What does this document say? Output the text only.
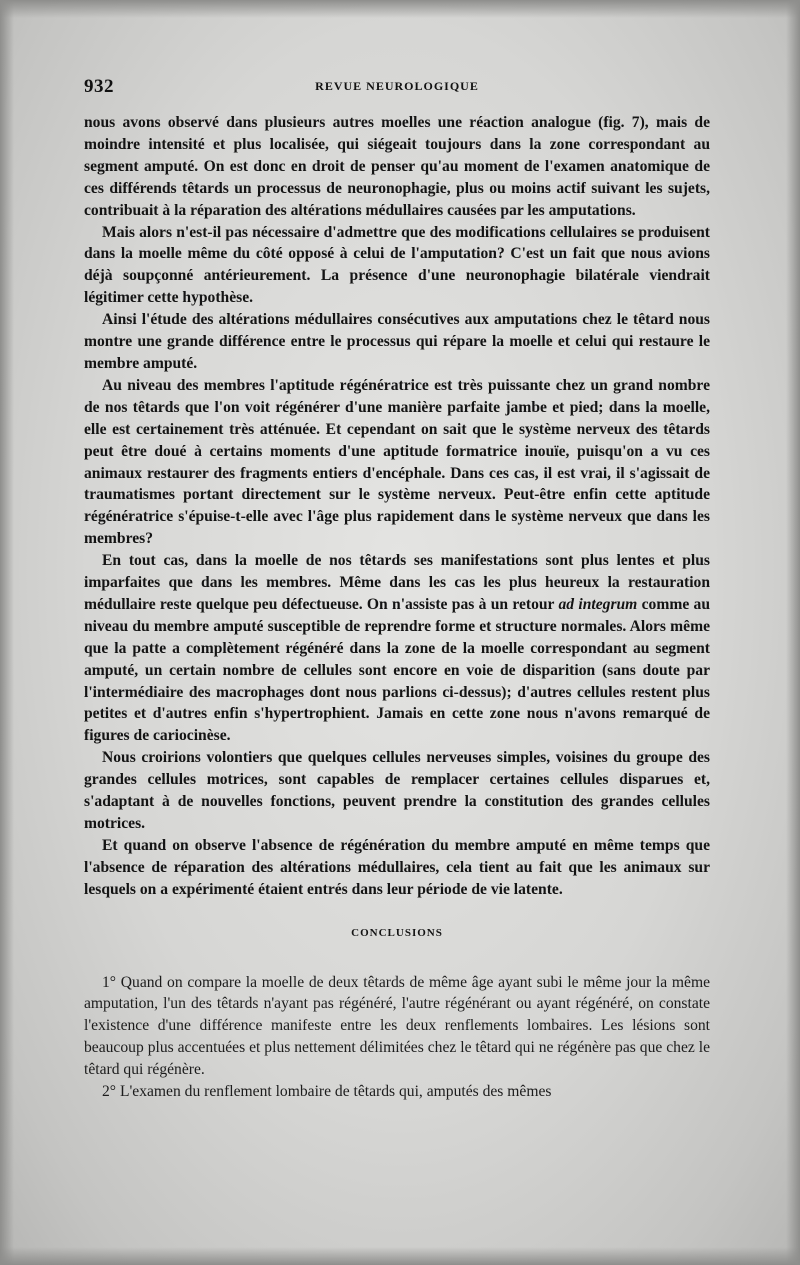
932	REVUE NEUROLOGIQUE

nous avons observé dans plusieurs autres moelles une réaction analogue (fig. 7), mais de moindre intensité et plus localisée, qui siégeait toujours dans la zone correspondant au segment amputé. On est donc en droit de penser qu'au moment de l'examen anatomique de ces différends têtards un processus de neuronophagie, plus ou moins actif suivant les sujets, contribuait à la réparation des altérations médullaires causées par les amputations.

Mais alors n'est-il pas nécessaire d'admettre que des modifications cellulaires se produisent dans la moelle même du côté opposé à celui de l'amputation? C'est un fait que nous avions déjà soupçonné antérieurement. La présence d'une neuronophagie bilatérale viendrait légitimer cette hypothèse.

Ainsi l'étude des altérations médullaires consécutives aux amputations chez le têtard nous montre une grande différence entre le processus qui répare la moelle et celui qui restaure le membre amputé.

Au niveau des membres l'aptitude régénératrice est très puissante chez un grand nombre de nos têtards que l'on voit régénérer d'une manière parfaite jambe et pied; dans la moelle, elle est certainement très atténuée. Et cependant on sait que le système nerveux des têtards peut être doué à certains moments d'une aptitude formatrice inouïe, puisqu'on a vu ces animaux restaurer des fragments entiers d'encéphale. Dans ces cas, il est vrai, il s'agissait de traumatismes portant directement sur le système nerveux. Peut-être enfin cette aptitude régénératrice s'épuise-t-elle avec l'âge plus rapidement dans le système nerveux que dans les membres?

En tout cas, dans la moelle de nos têtards ses manifestations sont plus lentes et plus imparfaites que dans les membres. Même dans les cas les plus heureux la restauration médullaire reste quelque peu défectueuse. On n'assiste pas à un retour ad integrum comme au niveau du membre amputé susceptible de reprendre forme et structure normales. Alors même que la patte a complètement régénéré dans la zone de la moelle correspondant au segment amputé, un certain nombre de cellules sont encore en voie de disparition (sans doute par l'intermédiaire des macrophages dont nous parlions ci-dessus); d'autres cellules restent plus petites et d'autres enfin s'hypertrophient. Jamais en cette zone nous n'avons remarqué de figures de cariocinèse.

Nous croirions volontiers que quelques cellules nerveuses simples, voisines du groupe des grandes cellules motrices, sont capables de remplacer certaines cellules disparues et, s'adaptant à de nouvelles fonctions, peuvent prendre la constitution des grandes cellules motrices.

Et quand on observe l'absence de régénération du membre amputé en même temps que l'absence de réparation des altérations médullaires, cela tient au fait que les animaux sur lesquels on a expérimenté étaient entrés dans leur période de vie latente.

CONCLUSIONS

1° Quand on compare la moelle de deux têtards de même âge ayant subi le même jour la même amputation, l'un des têtards n'ayant pas régénéré, l'autre régénérant ou ayant régénéré, on constate l'existence d'une différence manifeste entre les deux renflements lombaires. Les lésions sont beaucoup plus accentuées et plus nettement délimitées chez le têtard qui ne régénère pas que chez le têtard qui régénère.

2° L'examen du renflement lombaire de têtards qui, amputés des mêmes
